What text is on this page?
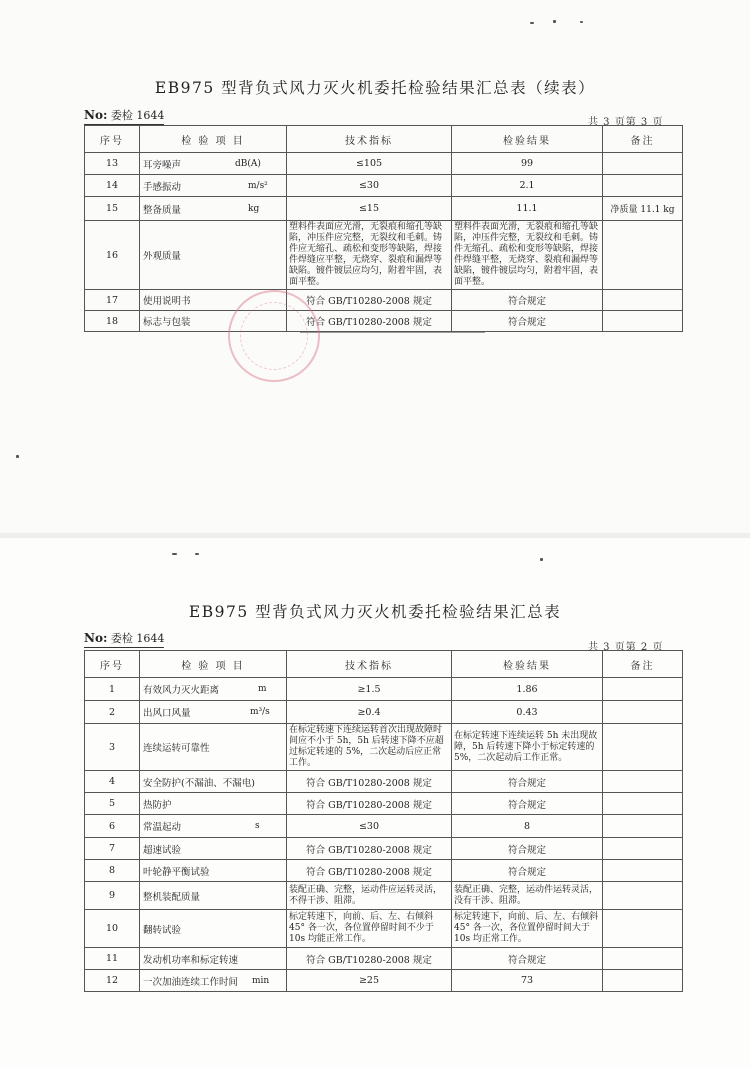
EB975 型背负式风力灭火机委托检验结果汇总表（续表）
No: 委检 1644
共 3 页第 3 页
序号	检 验 项 目	技术指标	检验结果	备注
13	耳旁噪声 dB(A)	≤105	99	
14	手感振动 m/s²	≤30	2.1	
15	整备质量 kg	≤15	11.1	净质量 11.1 kg
16	外观质量	塑料件表面应光滑，无裂痕和缩孔等缺陷，冲压件应完整，无裂纹和毛刺。铸件应无缩孔、疏松和变形等缺陷，焊接件焊缝应平整，无烧穿、裂痕和漏焊等缺陷。镀件镀层应均匀，附着牢固，表面平整。	塑料件表面光滑，无裂痕和缩孔等缺陷，冲压件完整，无裂纹和毛刺。铸件无缩孔、疏松和变形等缺陷，焊接件焊缝平整，无烧穿、裂痕和漏焊等缺陷，镀件镀层均匀，附着牢固，表面平整。	
17	使用说明书	符合 GB/T10280-2008 规定	符合规定	
18	标志与包装	符合 GB/T10280-2008 规定	符合规定	
EB975 型背负式风力灭火机委托检验结果汇总表
No: 委检 1644
共 3 页第 2 页
序号	检 验 项 目	技术指标	检验结果	备注
1	有效风力灭火距离 m	≥1.5	1.86	
2	出风口风量 m³/s	≥0.4	0.43	
3	连续运转可靠性	在标定转速下连续运转首次出现故障时间应不小于 5h，5h 后转速下降不应超过标定转速的 5%，二次起动后应正常工作。	在标定转速下连续运转 5h 未出现故障，5h 后转速下降小于标定转速的 5%，二次起动后工作正常。	
4	安全防护(不漏油、不漏电)	符合 GB/T10280-2008 规定	符合规定	
5	热防护	符合 GB/T10280-2008 规定	符合规定	
6	常温起动 s	≤30	8	
7	超速试验	符合 GB/T10280-2008 规定	符合规定	
8	叶轮静平衡试验	符合 GB/T10280-2008 规定	符合规定	
9	整机装配质量	装配正确、完整，运动件应运转灵活，不得干涉、阻滞。	装配正确、完整，运动件运转灵活，没有干涉、阻滞。	
10	翻转试验	标定转速下，向前、后、左、右倾斜 45° 各一次，各位置停留时间不少于 10s 均能正常工作。	标定转速下，向前、后、左、右倾斜 45° 各一次，各位置停留时间大于 10s 均正常工作。	
11	发动机功率和标定转速	符合 GB/T10280-2008 规定	符合规定	
12	一次加油连续工作时间 min	≥25	73	
